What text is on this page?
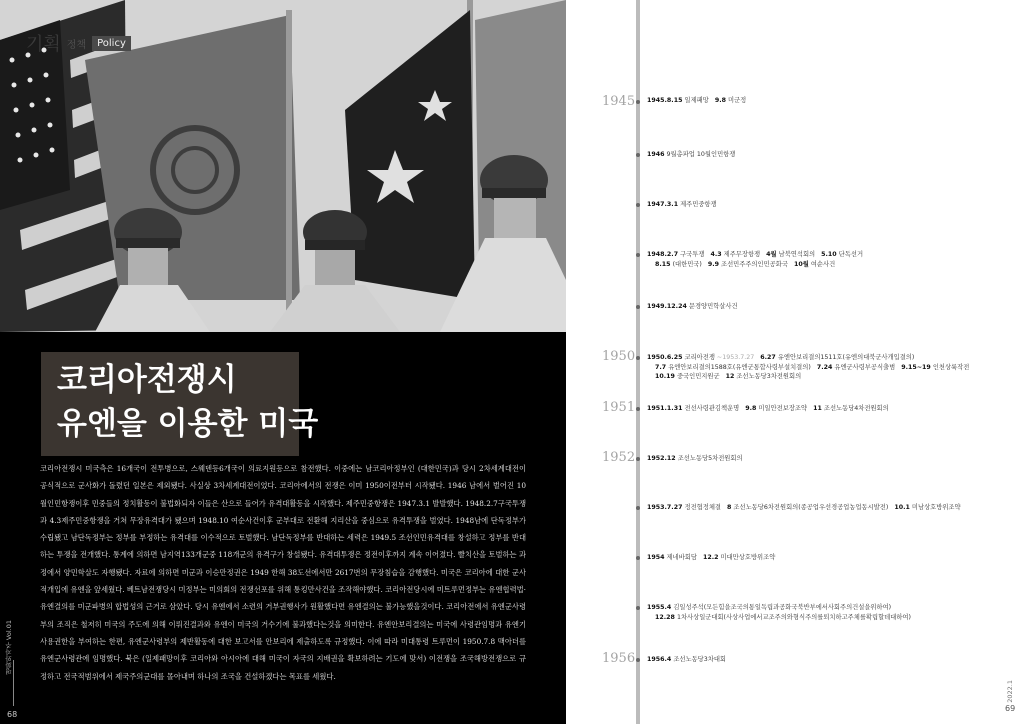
기획 정책	Policy
코리아전쟁시
유엔을 이용한 미국
코리아전쟁시 미국측은 16개국이 전투병으로, 스웨덴등6개국이 의료지원등으로 참전했다. 이중에는 남코리아정부인 (대한민국)과 당시 2차세계대전이 공식적으로 군사화가 돌렸던 일본은 제외됐다. 사실상 3차세계대전이었다. 코리아에서의 전쟁은 이미 1950이전부터 시작됐다. 1946 남에서 벌어진 10월인민항쟁이후 민중들의 정치활동이 불법화되자 이들은 산으로 들어가 유격대활동을 시작했다. 제주민중항쟁은 1947.3.1 발발했다. 1948.2.7구국투쟁과 4.3제주민중항쟁을 거쳐 무장유격대가 됐으며 1948.10 여순사건이후 군부대로 전환해 지리산을 중심으로 유격투쟁을 벌였다. 1948남에 단독정부가 수립됐고 남단독정부는 정부를 부정하는 유격대를 이수적으로 토벌했다. 남단독정부를 반대하는 세력은 1949.5 조선인민유격대를 창설하고 정부를 반대하는 투쟁을 전개했다. 통계에 의하면 남지역133개군중 118개군의 유격구가 창설됐다. 유격대투쟁은 정전이후까지 계속 이어졌다. 빨치산을 토벌하는 과정에서 양민학살도 자행됐다. 자료에 의하면 미군과 이승만정권은 1949 한해 38도선에서만 2617번의 무장침습을 감행했다. 미국은 코리아에 대한 군사적개입에 유엔을 앞세웠다. 베트남전쟁당시 미정부는 미의회의 전쟁선포를 위해 통킹만사건을 조작해야했다. 코리아전당시에 미트루먼정부는 유엔협력법·유엔결의를 미군파병의 합법성의 근거로 삼았다. 당시 유엔에서 소련의 거부권행사가 원활했다면 유엔결의는 불가능했을것이다. 코리아전에서 유엔군사령부의 조직은 철저히 미국의 주도에 의해 이뤄진결과와 유엔이 미국의 거수기에 불과했다는것을 의미한다. 유엔안보리결의는 미국에 사령관임명과 유엔기사용권한을 부여하는 한편, 유엔군사령부의 제반활동에 대한 보고서를 안보리에 제출하도록 규정했다. 이에 따라 미대통령 트루먼이 1950.7.8 맥아더를 유엔군사령관에 임명했다. 북은 (일제패망이후 코리아와 아시아에 대해 미국이 자국의 지배권을 확보하려는 기도에 맞서) 이전쟁을 조국해방전쟁으로 규정하고 전국적범위에서 제국주의군대를 몰아내며 하나의 조국을 건설하겠다는 목표를 세웠다.
평화와자주 Vol.01
68
1945 1945.8.15 일제패망 9.8 미군정
1946 9월총파업 10월인민항쟁
1947.3.1 제주민중항쟁
1948.2.7 구국투쟁 4.3 제주무장항쟁 4월 남북연석회의 5.10 단독선거
8.15 (대한민국) 9.9 조선민주주의인민공화국 10월 여순사건
1949.12.24 문경양민학살사건
1950 1950.6.25 코리아전쟁 ~1953.7.27 6.27 유엔안보리결의1511호(유엔의대북군사개입결의)
7.7 유엔안보리결의1588호(유엔군통합사령부설치결의) 7.24 유엔군사령부공식출범 9.15~19 인천상륙작전
10.19 중국인민지원군 12 조선노동당3차전원회의
1951 1951.1.31 전선사령관김책운명 9.8 미일안전보장조약 11 조선노동당4차전원회의
1952 1952.12 조선노동당5차전원회의
1953.7.27 정전협정체결 8 조선노동당6차전원회의(종공업우선경공업농업동시발전) 10.1 미남상호방위조약
1954 제네바회담 12.2 미대만상호방위조약
1955.4 김일성주석(모든힘을조국의통일독립과공화국북반부에서사회주의건설을위하여)
12.28 1차사상일군대회(사상사업에서교조주의와형식주의를퇴치하고주체를확립할데대하여)
1956 1956.4 조선노동당3차대회
2022.1
69
